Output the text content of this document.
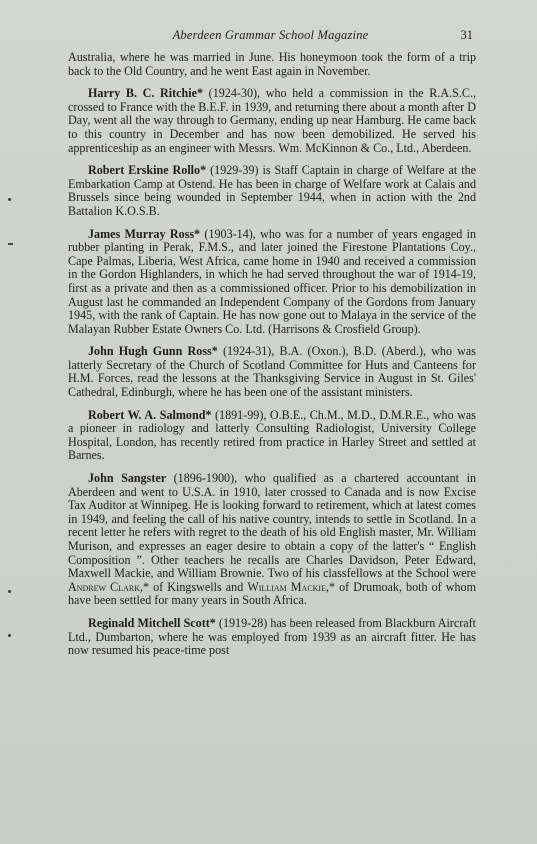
Aberdeen Grammar School Magazine	31

Australia, where he was married in June. His honeymoon took the form of a trip back to the Old Country, and he went East again in November.

Harry B. C. Ritchie* (1924-30), who held a commission in the R.A.S.C., crossed to France with the B.E.F. in 1939, and returning there about a month after D Day, went all the way through to Germany, ending up near Hamburg. He came back to this country in December and has now been demobilized. He served his apprenticeship as an engineer with Messrs. Wm. McKinnon & Co., Ltd., Aberdeen.

Robert Erskine Rollo* (1929-39) is Staff Captain in charge of Welfare at the Embarkation Camp at Ostend. He has been in charge of Welfare work at Calais and Brussels since being wounded in September 1944, when in action with the 2nd Battalion K.O.S.B.

James Murray Ross* (1903-14), who was for a number of years engaged in rubber planting in Perak, F.M.S., and later joined the Firestone Plantations Coy., Cape Palmas, Liberia, West Africa, came home in 1940 and received a commission in the Gordon Highlanders, in which he had served throughout the war of 1914-19, first as a private and then as a commissioned officer. Prior to his demobilization in August last he commanded an Independent Company of the Gordons from January 1945, with the rank of Captain. He has now gone out to Malaya in the service of the Malayan Rubber Estate Owners Co. Ltd. (Harrisons & Crosfield Group).

John Hugh Gunn Ross* (1924-31), B.A. (Oxon.), B.D. (Aberd.), who was latterly Secretary of the Church of Scotland Committee for Huts and Canteens for H.M. Forces, read the lessons at the Thanksgiving Service in August in St. Giles' Cathedral, Edinburgh, where he has been one of the assistant ministers.

Robert W. A. Salmond* (1891-99), O.B.E., Ch.M., M.D., D.M.R.E., who was a pioneer in radiology and latterly Consulting Radiologist, University College Hospital, London, has recently retired from practice in Harley Street and settled at Barnes.

John Sangster (1896-1900), who qualified as a chartered accountant in Aberdeen and went to U.S.A. in 1910, later crossed to Canada and is now Excise Tax Auditor at Winnipeg. He is looking forward to retirement, which at latest comes in 1949, and feeling the call of his native country, intends to settle in Scotland. In a recent letter he refers with regret to the death of his old English master, Mr. William Murison, and expresses an eager desire to obtain a copy of the latter's “ English Composition ”. Other teachers he recalls are Charles Davidson, Peter Edward, Maxwell Mackie, and William Brownie. Two of his classfellows at the School were Andrew Clark,* of Kingswells and William Mackie,* of Drumoak, both of whom have been settled for many years in South Africa.

Reginald Mitchell Scott* (1919-28) has been released from Blackburn Aircraft Ltd., Dumbarton, where he was employed from 1939 as an aircraft fitter. He has now resumed his peace-time post
